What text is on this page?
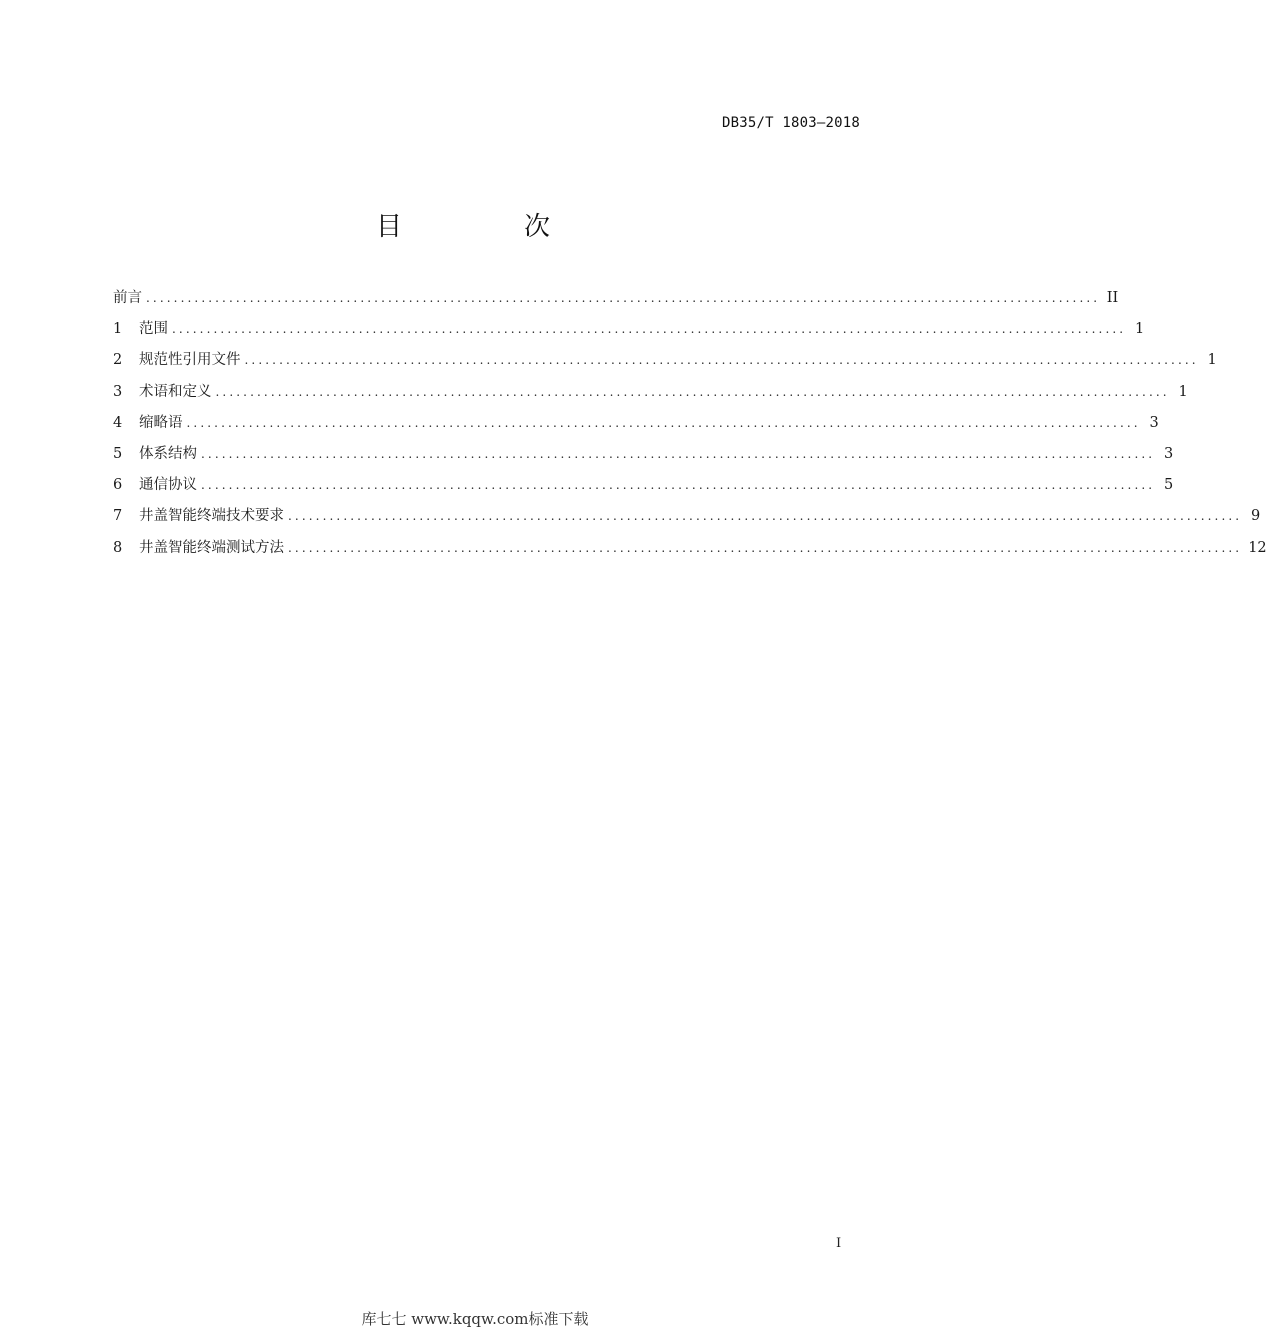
DB35/T 1803—2018
目　次
前言 .......................................................................................................................................... II
1	范围 .......................................................................................................................................... 1
2	规范性引用文件 .......................................................................................................................................... 1
3	术语和定义 .......................................................................................................................................... 1
4	缩略语 .......................................................................................................................................... 3
5	体系结构 .......................................................................................................................................... 3
6	通信协议 .......................................................................................................................................... 5
7	井盖智能终端技术要求 .......................................................................................................................................... 9
8	井盖智能终端测试方法 .......................................................................................................................................... 12
I
库七七 www.kqqw.com标准下载
